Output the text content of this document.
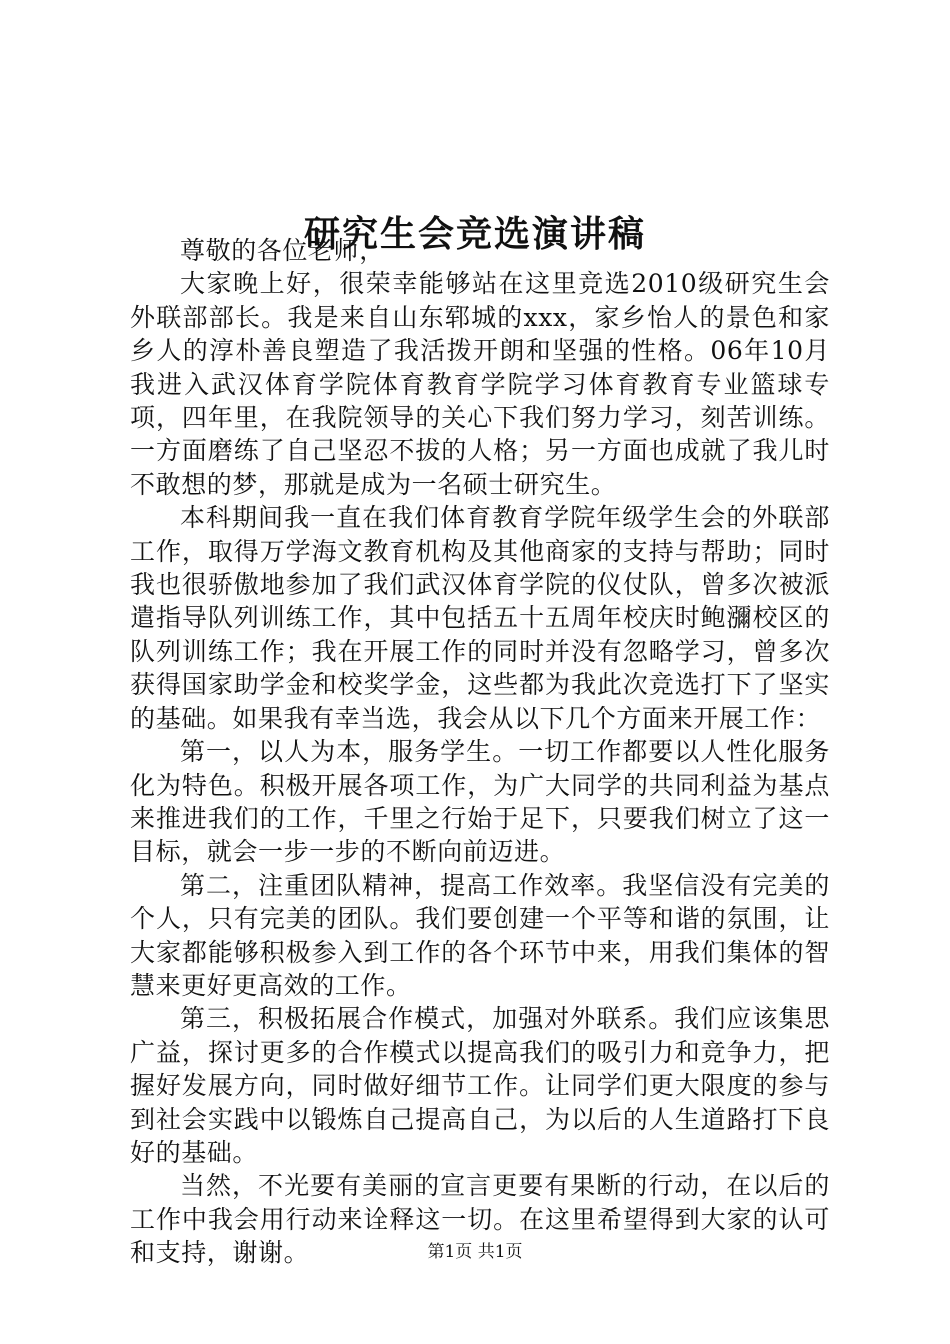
研究生会竞选演讲稿

尊敬的各位老师，

大家晚上好，很荣幸能够站在这里竞选2010级研究生会外联部部长。我是来自山东郓城的xxx，家乡怡人的景色和家乡人的淳朴善良塑造了我活拨开朗和坚强的性格。06年10月我进入武汉体育学院体育教育学院学习体育教育专业篮球专项，四年里，在我院领导的关心下我们努力学习，刻苦训练。一方面磨练了自己坚忍不拔的人格；另一方面也成就了我儿时不敢想的梦，那就是成为一名硕士研究生。

本科期间我一直在我们体育教育学院年级学生会的外联部工作，取得万学海文教育机构及其他商家的支持与帮助；同时我也很骄傲地参加了我们武汉体育学院的仪仗队，曾多次被派遣指导队列训练工作，其中包括五十五周年校庆时鲍瀰校区的队列训练工作；我在开展工作的同时并没有忽略学习，曾多次获得国家助学金和校奖学金，这些都为我此次竞选打下了坚实的基础。如果我有幸当选，我会从以下几个方面来开展工作：

第一，以人为本，服务学生。一切工作都要以人性化服务化为特色。积极开展各项工作，为广大同学的共同利益为基点来推进我们的工作，千里之行始于足下，只要我们树立了这一目标，就会一步一步的不断向前迈进。

第二，注重团队精神，提高工作效率。我坚信没有完美的个人，只有完美的团队。我们要创建一个平等和谐的氛围，让大家都能够积极参入到工作的各个环节中来，用我们集体的智慧来更好更高效的工作。

第三，积极拓展合作模式，加强对外联系。我们应该集思广益，探讨更多的合作模式以提高我们的吸引力和竞争力，把握好发展方向，同时做好细节工作。让同学们更大限度的参与到社会实践中以锻炼自己提高自己，为以后的人生道路打下良好的基础。

当然，不光要有美丽的宣言更要有果断的行动，在以后的工作中我会用行动来诠释这一切。在这里希望得到大家的认可和支持，谢谢。	第1页 共1页
